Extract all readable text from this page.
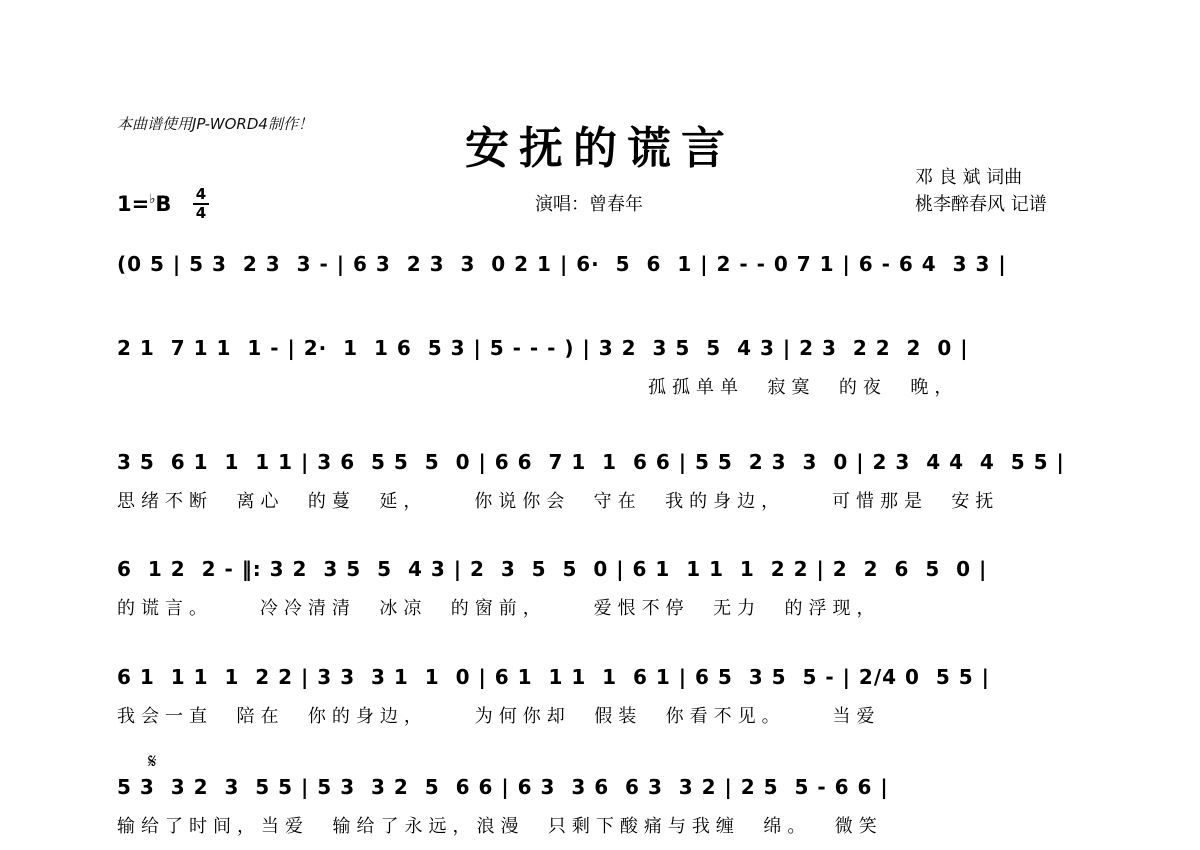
本曲谱使用JP-WORD4制作！	安抚的谎言
邓 良 斌 词曲
演唱：曾春年	桃李醉春风 记谱
1=♭B 4
4
(0 5 | 5 3  2 3  3 - | 6 3  2 3  3  0 2 1 | 6·  5  6  1 | 2 - - 0 7 1 | 6 - 6 4  3 3 |
2 1  7 1 1  1 - | 2·  1  1 6  5 3 | 5 - - - ) | 3 2  3 5  5  4 3 | 2 3  2 2  2  0 |
孤孤单单  寂寞  的夜  晚，
3 5  6 1  1  1 1 | 3 6  5 5  5  0 | 6 6  7 1  1  6 6 | 5 5  2 3  3  0 | 2 3  4 4  4  5 5 |
思绪不断  离心  的蔓  延，    你说你会  守在  我的身边，    可惜那是  安抚
6  1 2  2 - ‖: 3 2  3 5  5  4 3 | 2  3  5  5  0 | 6 1  1 1  1  2 2 | 2  2  6  5  0 |
的谎言。    冷冷清清  冰凉  的窗前，    爱恨不停  无力  的浮现，
6 1  1 1  1  2 2 | 3 3  3 1  1  0 | 6 1  1 1  1  6 1 | 6 5  3 5  5 - | 2/4 0  5 5 |
我会一直  陪在  你的身边，    为何你却  假装  你看不见。    当爱
𝄋
5 3  3 2  3  5 5 | 5 3  3 2  5  6 6 | 6 3  3 6  6 3  3 2 | 2 5  5 - 6 6 |
输给了时间，当爱  输给了永远，浪漫  只剩下酸痛与我缠  绵。  微笑
